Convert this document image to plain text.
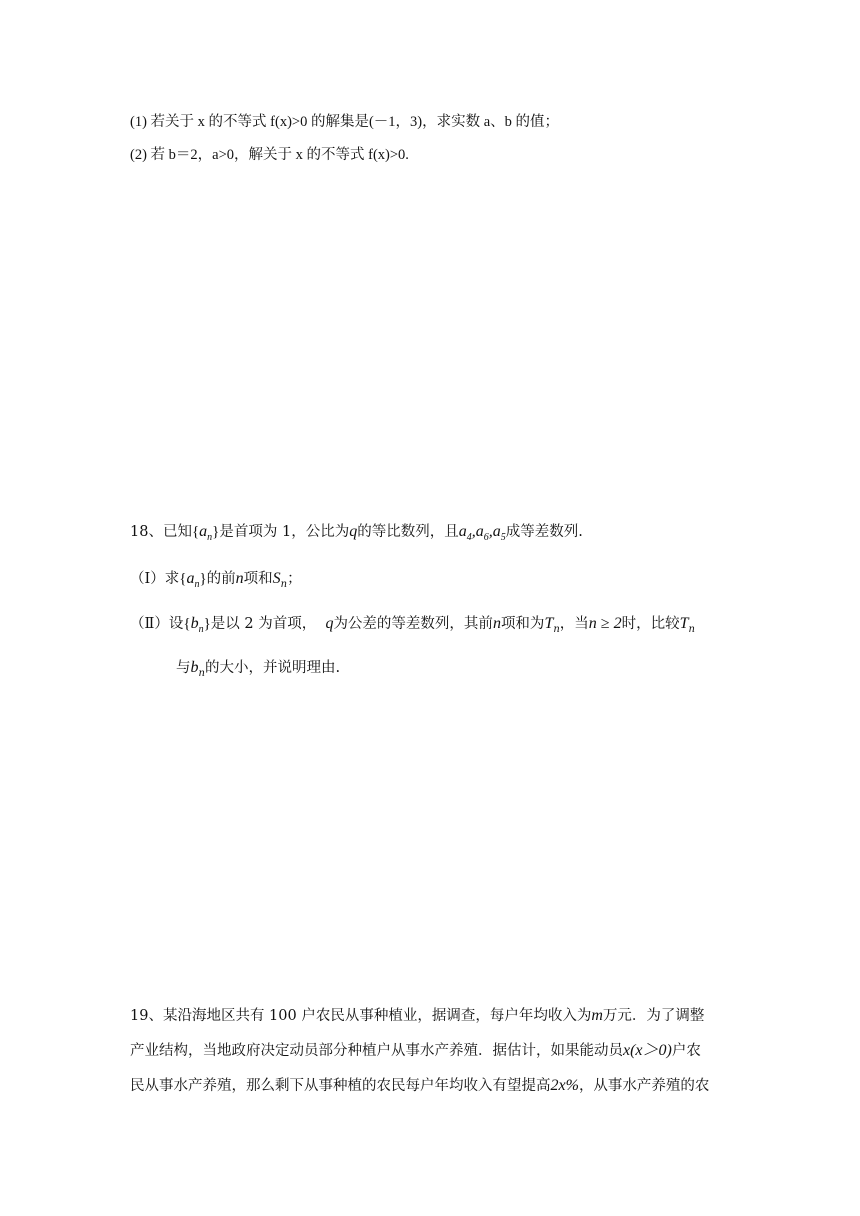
(1) 若关于 x 的不等式 f(x)>0 的解集是(－1，3)，求实数 a、b 的值；
(2) 若 b＝2，a>0，解关于 x 的不等式 f(x)>0.
18、已知$\{a_n\}$是首项为 1，公比为q的等比数列，且$a_4,a_6,a_5$成等差数列.
（Ⅰ）求$\{a_n\}$的前n项和$S_n$；
（Ⅱ）设$\{b_n\}$是以 2 为首项， q为公差的等差数列，其前n项和为$T_n$，当n ≥ 2时，比较$T_n$
与$b_n$的大小，并说明理由.
19、某沿海地区共有 100 户农民从事种植业，据调查，每户年均收入为m万元．为了调整
产业结构，当地政府决定动员部分种植户从事水产养殖．据估计，如果能动员x(x＞0)户农
民从事水产养殖，那么剩下从事种植的农民每户年均收入有望提高2x%，从事水产养殖的农
